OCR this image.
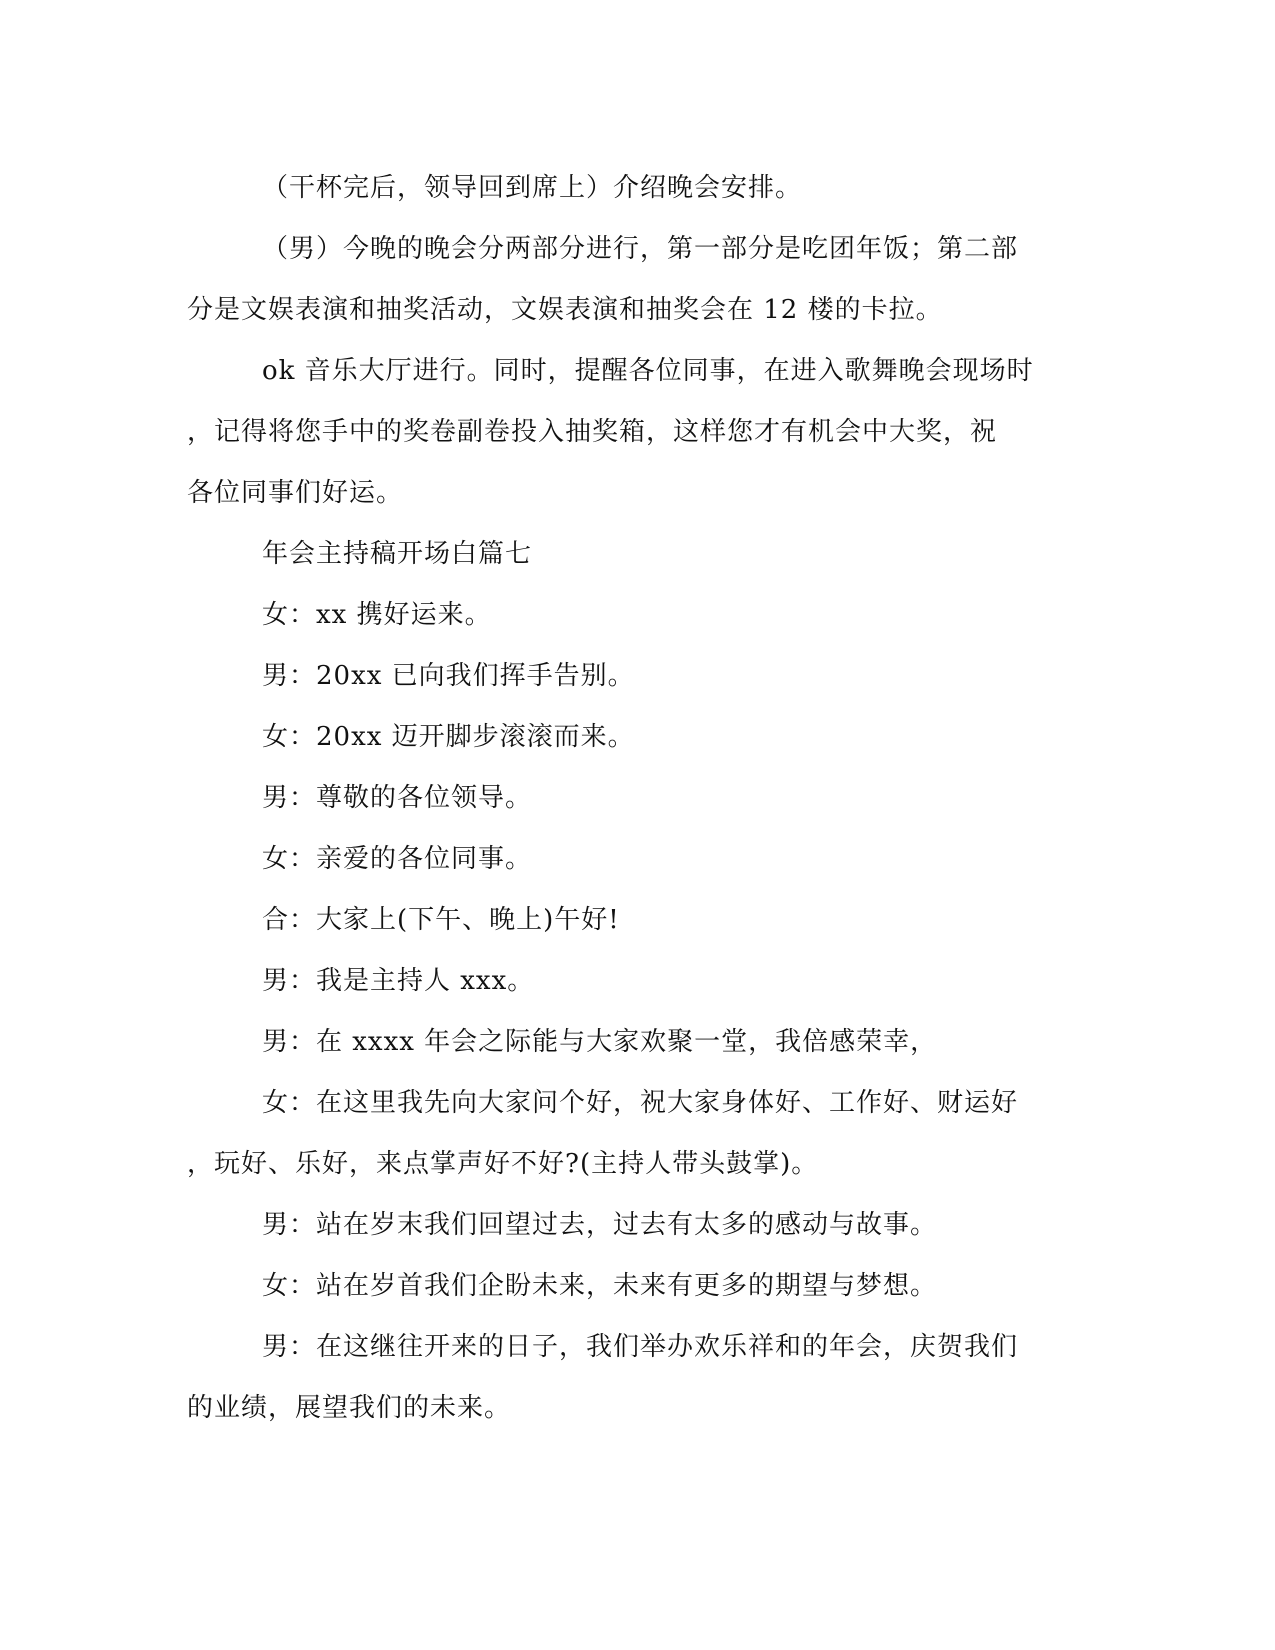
（干杯完后，领导回到席上）介绍晚会安排。
（男）今晚的晚会分两部分进行，第一部分是吃团年饭；第二部
分是文娱表演和抽奖活动，文娱表演和抽奖会在 12 楼的卡拉。
ok 音乐大厅进行。同时，提醒各位同事，在进入歌舞晚会现场时
，记得将您手中的奖卷副卷投入抽奖箱，这样您才有机会中大奖，祝
各位同事们好运。
年会主持稿开场白篇七
女：xx 携好运来。
男：20xx 已向我们挥手告别。
女：20xx 迈开脚步滚滚而来。
男：尊敬的各位领导。
女：亲爱的各位同事。
合：大家上(下午、晚上)午好!
男：我是主持人 xxx。
男：在 xxxx 年会之际能与大家欢聚一堂，我倍感荣幸，
女：在这里我先向大家问个好，祝大家身体好、工作好、财运好
，玩好、乐好，来点掌声好不好?(主持人带头鼓掌)。
男：站在岁末我们回望过去，过去有太多的感动与故事。
女：站在岁首我们企盼未来，未来有更多的期望与梦想。
男：在这继往开来的日子，我们举办欢乐祥和的年会，庆贺我们
的业绩，展望我们的未来。
